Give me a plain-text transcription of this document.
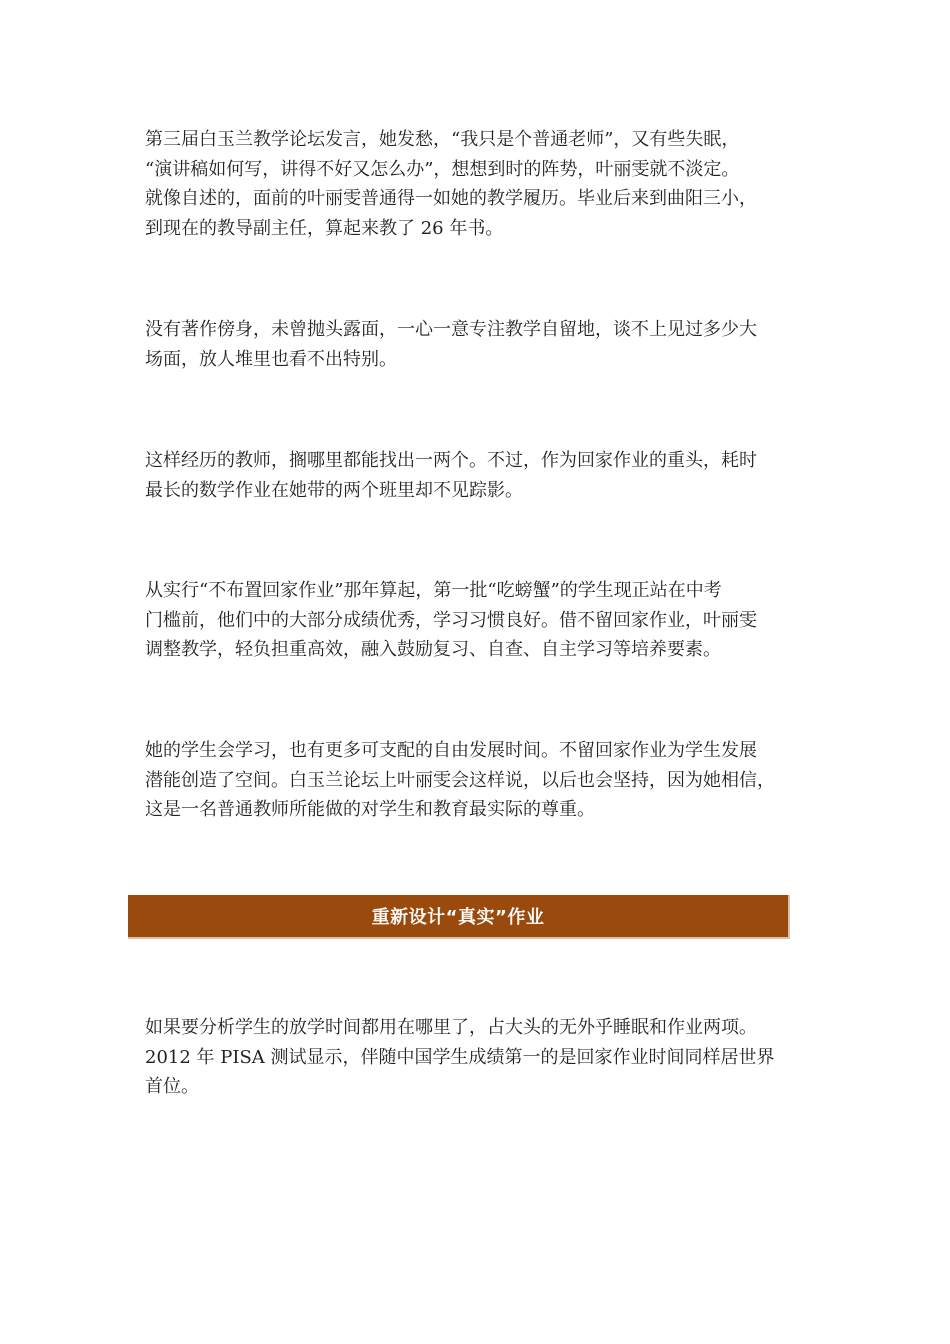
第三届白玉兰教学论坛发言，她发愁，“我只是个普通老师”，又有些失眠，
“演讲稿如何写，讲得不好又怎么办”，想想到时的阵势，叶丽雯就不淡定。
就像自述的，面前的叶丽雯普通得一如她的教学履历。毕业后来到曲阳三小，
到现在的教导副主任，算起来教了 26 年书。
没有著作傍身，未曾抛头露面，一心一意专注教学自留地，谈不上见过多少大
场面，放人堆里也看不出特别。
这样经历的教师，搁哪里都能找出一两个。不过，作为回家作业的重头，耗时
最长的数学作业在她带的两个班里却不见踪影。
从实行“不布置回家作业”那年算起，第一批“吃螃蟹”的学生现正站在中考
门槛前，他们中的大部分成绩优秀，学习习惯良好。借不留回家作业，叶丽雯
调整教学，轻负担重高效，融入鼓励复习、自查、自主学习等培养要素。
她的学生会学习，也有更多可支配的自由发展时间。不留回家作业为学生发展
潜能创造了空间。白玉兰论坛上叶丽雯会这样说，以后也会坚持，因为她相信，
这是一名普通教师所能做的对学生和教育最实际的尊重。
重新设计“真实”作业
如果要分析学生的放学时间都用在哪里了，占大头的无外乎睡眠和作业两项。
2012 年 PISA 测试显示，伴随中国学生成绩第一的是回家作业时间同样居世界
首位。
